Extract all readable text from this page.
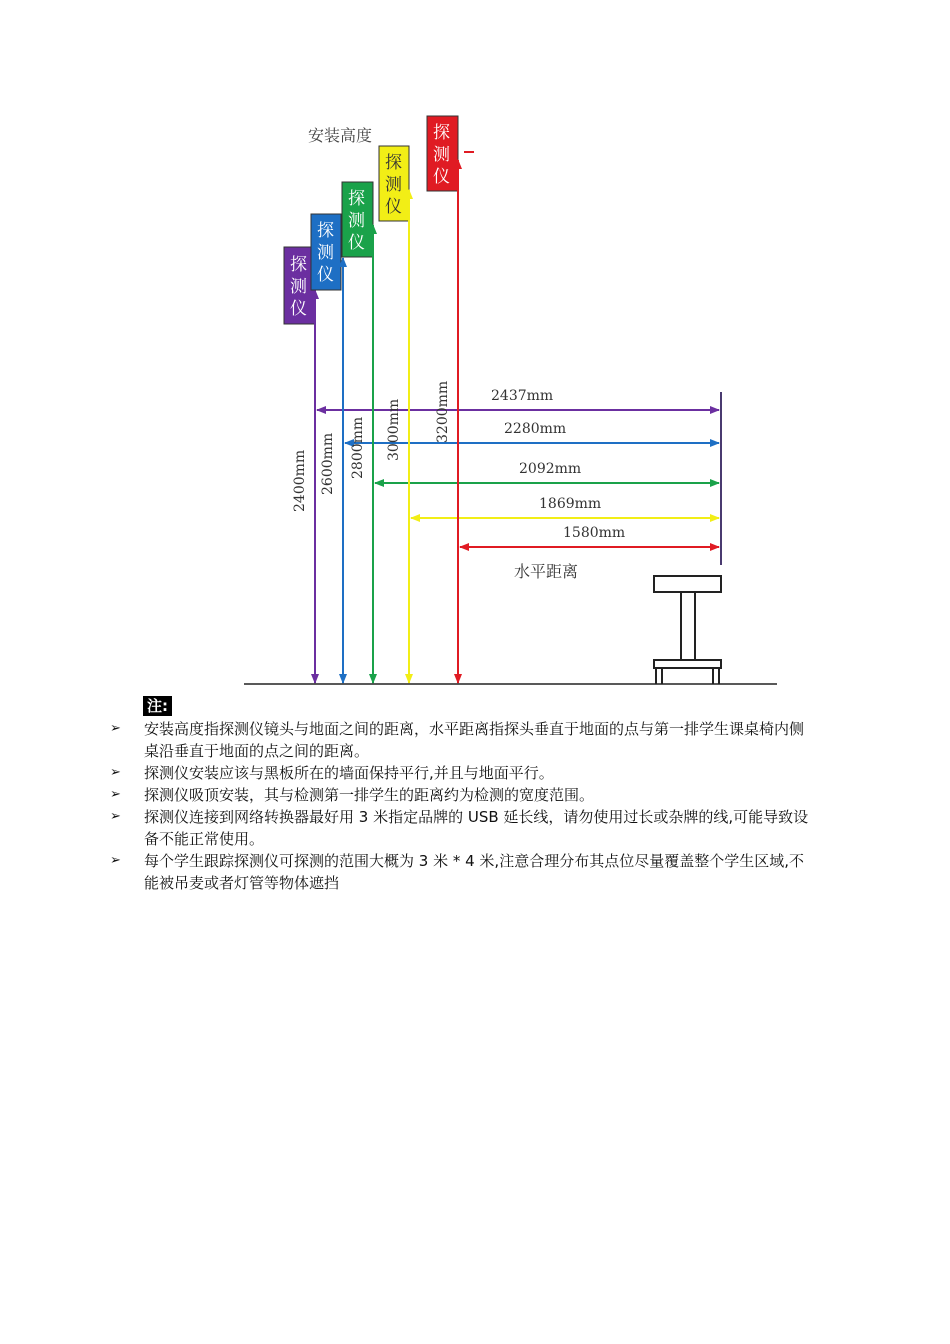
安装高度
探
测
仪
2400mm
2437mm
探
测
仪
2600mm
2280mm
探
测
仪
2800mm	2092mm
探
测
仪
3000mm
1869mm
探
测
仪
3200mm
1580mm
水平距离
注:
➢ 安装高度指探测仪镜头与地面之间的距离，水平距离指探头垂直于地面的点与第一排学生课桌椅内侧桌沿垂直于地面的点之间的距离。
➢ 探测仪安装应该与黑板所在的墙面保持平行,并且与地面平行。
➢ 探测仪吸顶安装，其与检测第一排学生的距离约为检测的宽度范围。
➢ 探测仪连接到网络转换器最好用 3 米指定品牌的 USB 延长线，请勿使用过长或杂牌的线,可能导致设备不能正常使用。
➢ 每个学生跟踪探测仪可探测的范围大概为 3 米 * 4 米,注意合理分布其点位尽量覆盖整个学生区域,不能被吊麦或者灯管等物体遮挡
